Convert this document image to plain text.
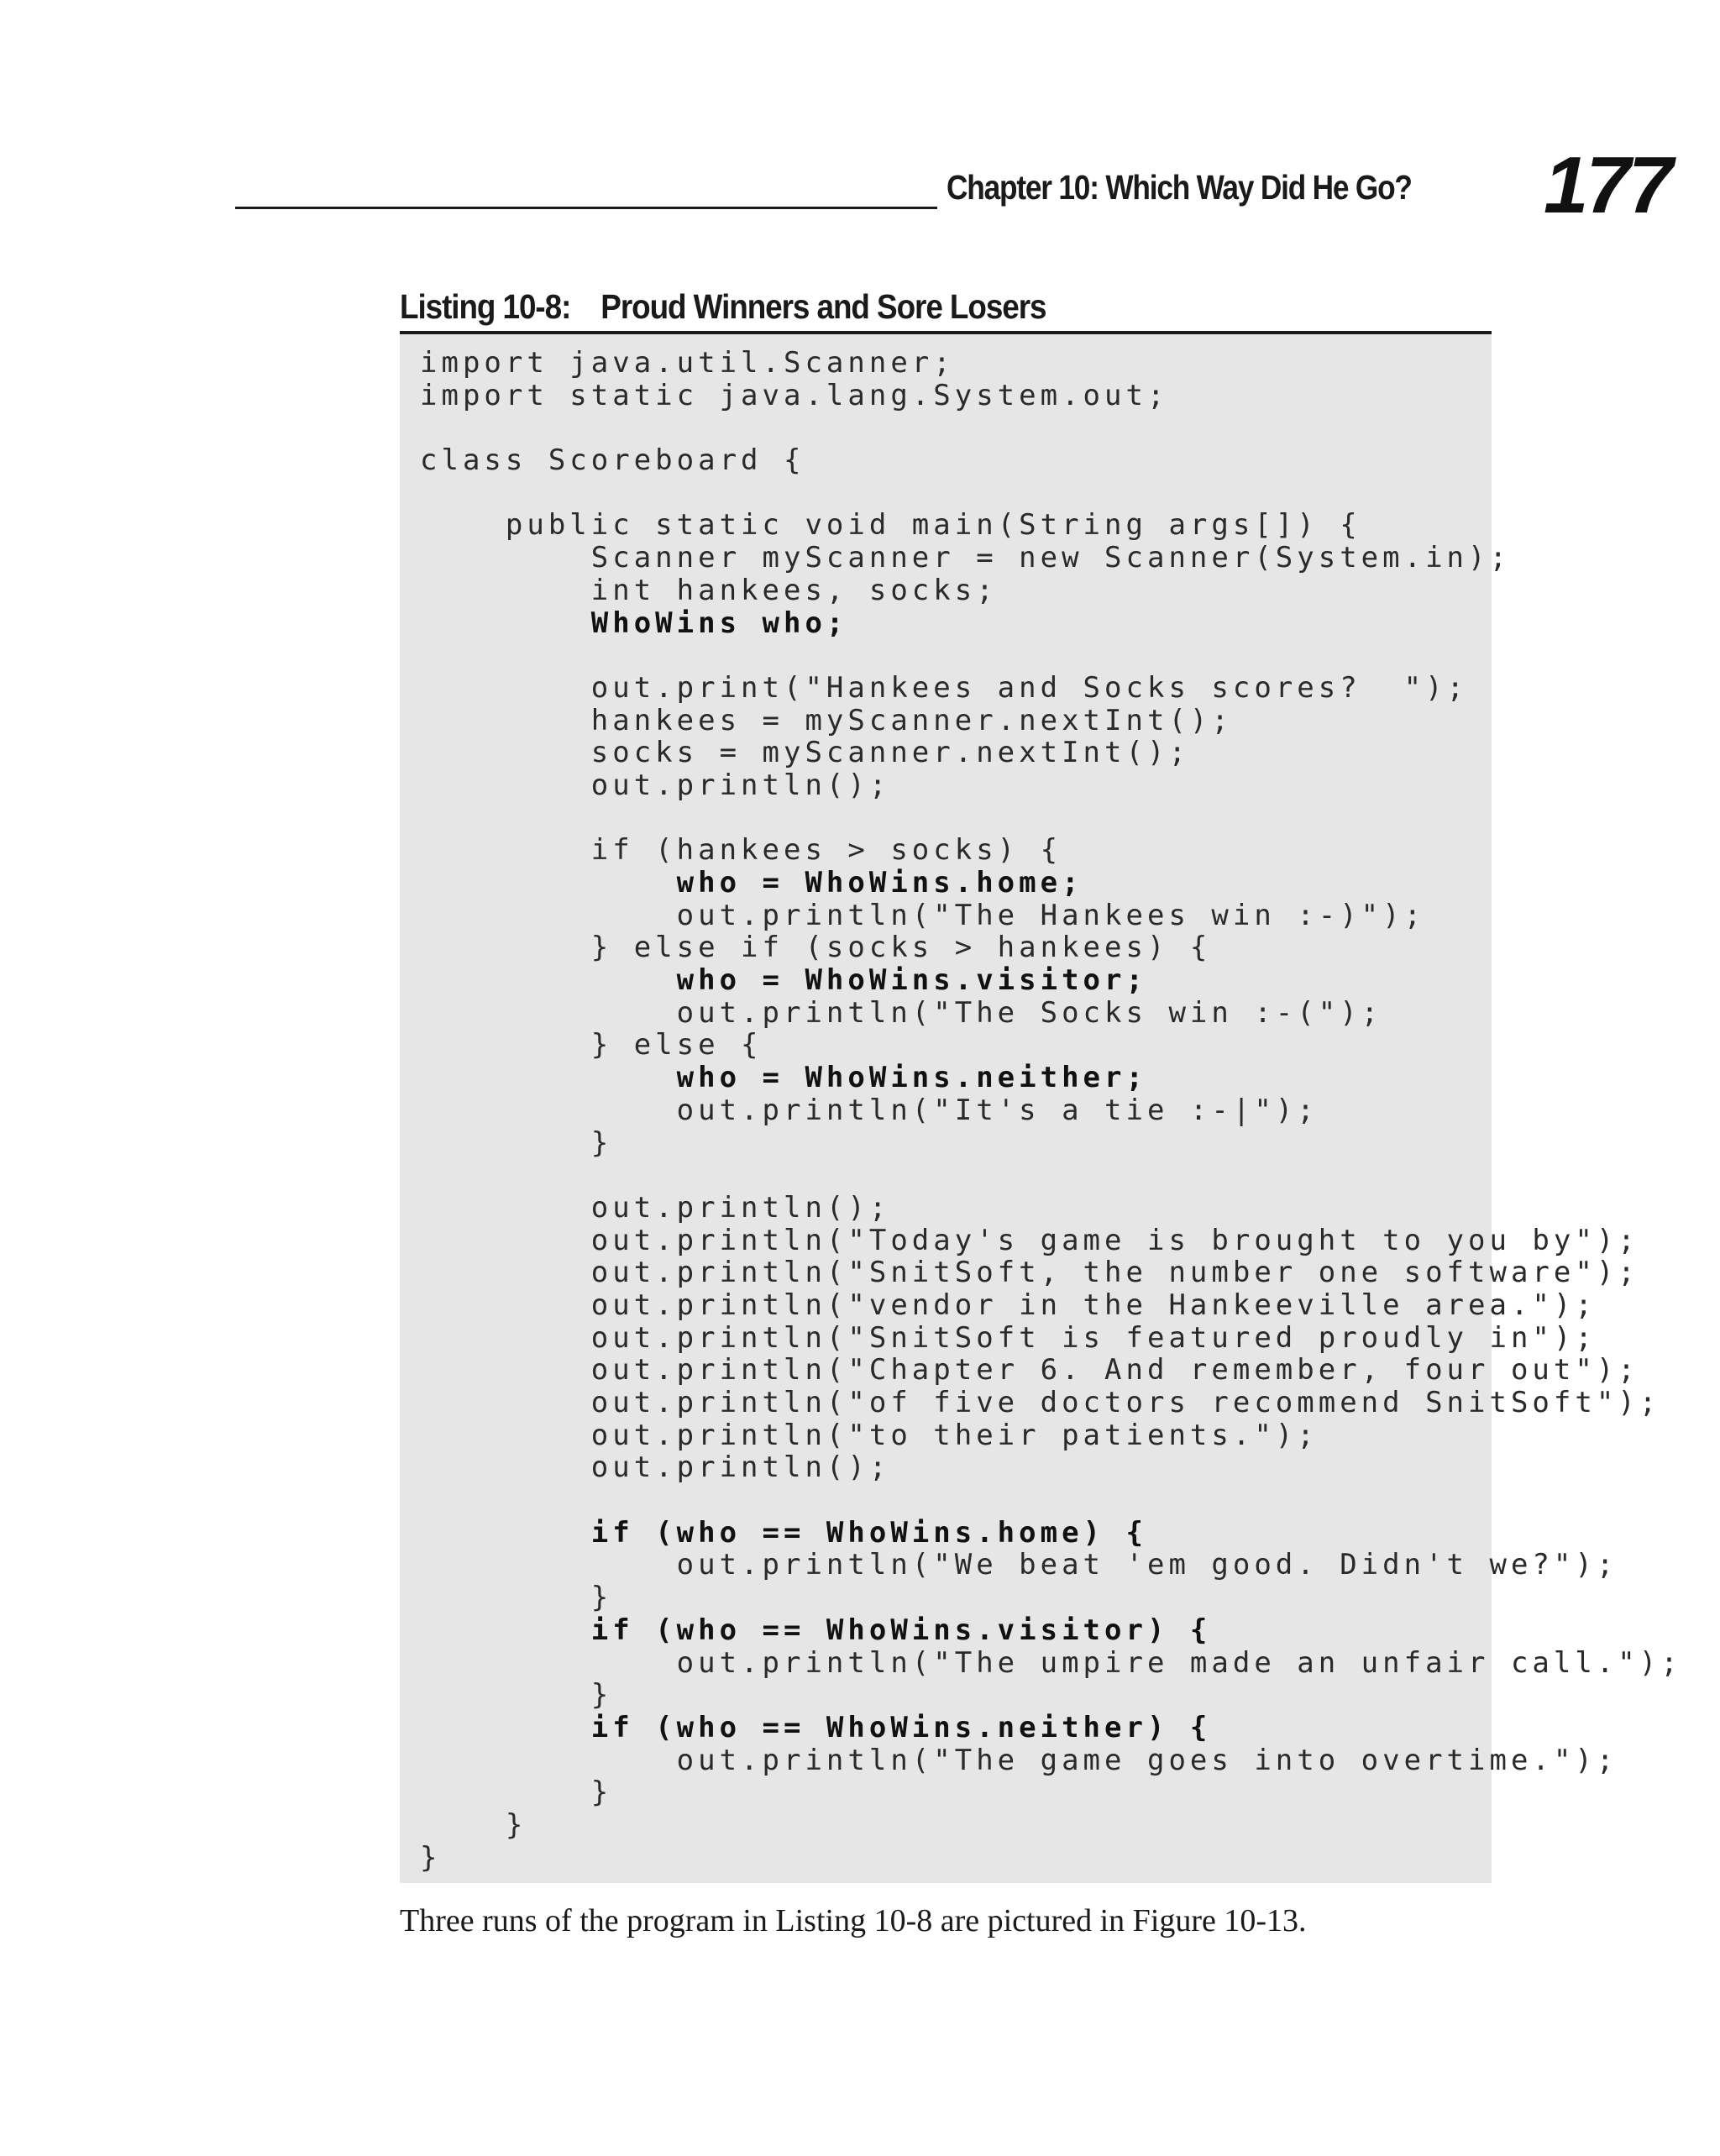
Chapter 10: Which Way Did He Go? 177
Listing 10-8: Proud Winners and Sore Losers
import java.util.Scanner;
import static java.lang.System.out;
class Scoreboard {
public static void main(String args[]) {
Scanner myScanner = new Scanner(System.in);
int hankees, socks;
WhoWins who;
out.print("Hankees and Socks scores?  ");
hankees = myScanner.nextInt();
socks = myScanner.nextInt();
out.println();
if (hankees > socks) {
who = WhoWins.home;
out.println("The Hankees win :-)");
} else if (socks > hankees) {
who = WhoWins.visitor;
out.println("The Socks win :-(");
} else {
who = WhoWins.neither;
out.println("It's a tie :-|");
}
out.println();
out.println("Today's game is brought to you by");
out.println("SnitSoft, the number one software");
out.println("vendor in the Hankeeville area.");
out.println("SnitSoft is featured proudly in");
out.println("Chapter 6. And remember, four out");
out.println("of five doctors recommend SnitSoft");
out.println("to their patients.");
out.println();
if (who == WhoWins.home) {
out.println("We beat 'em good. Didn't we?");
}
if (who == WhoWins.visitor) {
out.println("The umpire made an unfair call.");
}
if (who == WhoWins.neither) {
out.println("The game goes into overtime.");
}
}
}
Three runs of the program in Listing 10-8 are pictured in Figure 10-13.
